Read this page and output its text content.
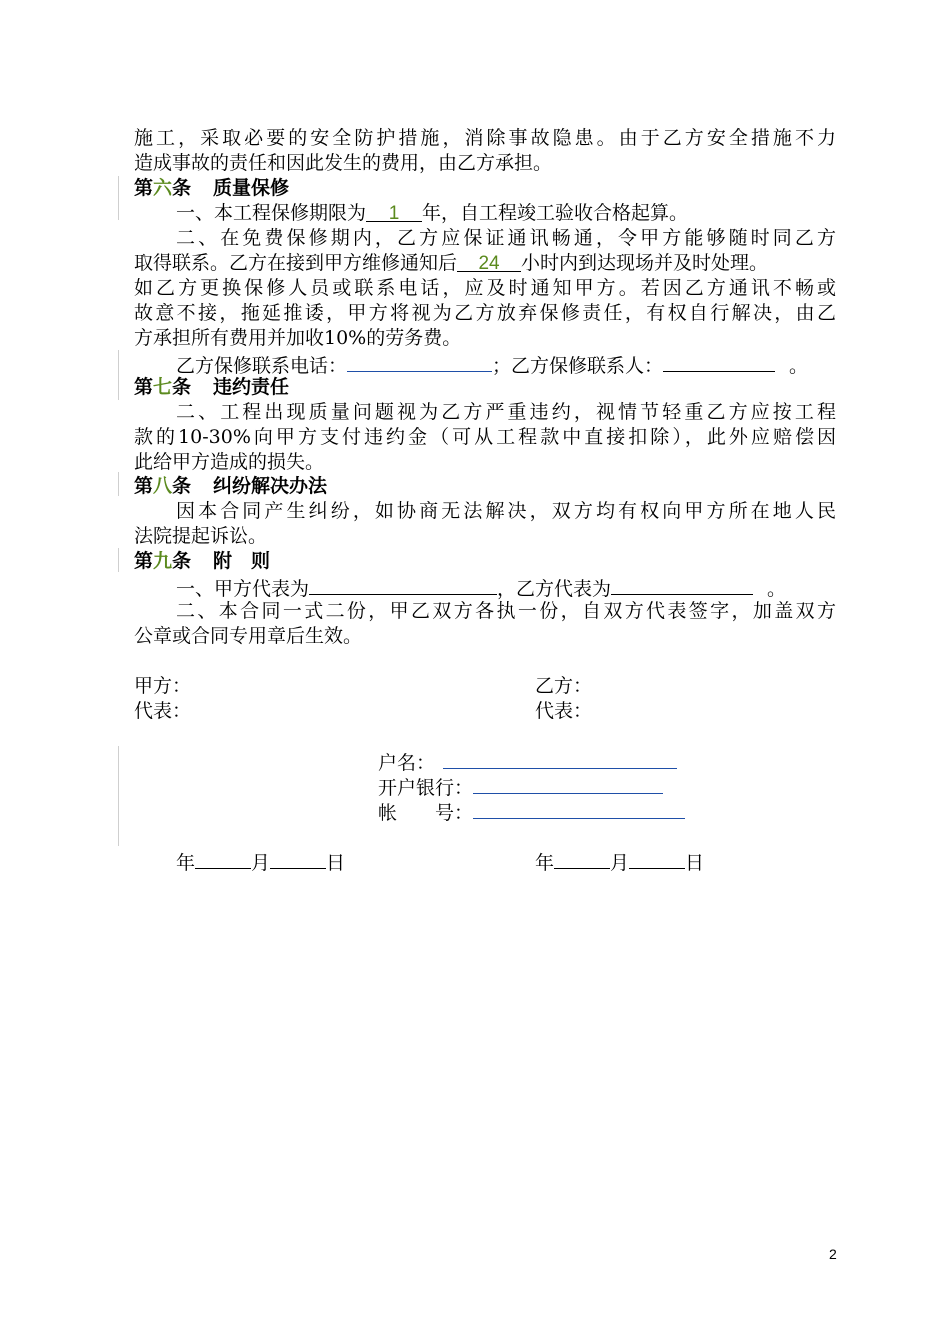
施工，采取必要的安全防护措施，消除事故隐患。由于乙方安全措施不力
造成事故的责任和因此发生的费用，由乙方承担。
第六条 质量保修
一、本工程保修期限为 1 年，自工程竣工验收合格起算。
二、在免费保修期内，乙方应保证通讯畅通，令甲方能够随时同乙方
取得联系。乙方在接到甲方维修通知后 24 小时内到达现场并及时处理。
如乙方更换保修人员或联系电话，应及时通知甲方。若因乙方通讯不畅或
故意不接，拖延推诿，甲方将视为乙方放弃保修责任，有权自行解决，由乙
方承担所有费用并加收10%的劳务费。
乙方保修联系电话：	；乙方保修联系人：	。
第七条 违约责任
二、工程出现质量问题视为乙方严重违约，视情节轻重乙方应按工程
款的10-30%向甲方支付违约金（可从工程款中直接扣除），此外应赔偿因
此给甲方造成的损失。
第八条 纠纷解决办法
因本合同产生纠纷，如协商无法解决，双方均有权向甲方所在地人民
法院提起诉讼。
第九条 附　则
一、甲方代表为	，乙方代表为	。
二、本合同一式二份，甲乙双方各执一份，自双方代表签字，加盖双方
公章或合同专用章后生效。
甲方：	乙方：
代表：	代表：
户名：
开户银行：
帐　　号：
年	月	日	年	月	日
2
